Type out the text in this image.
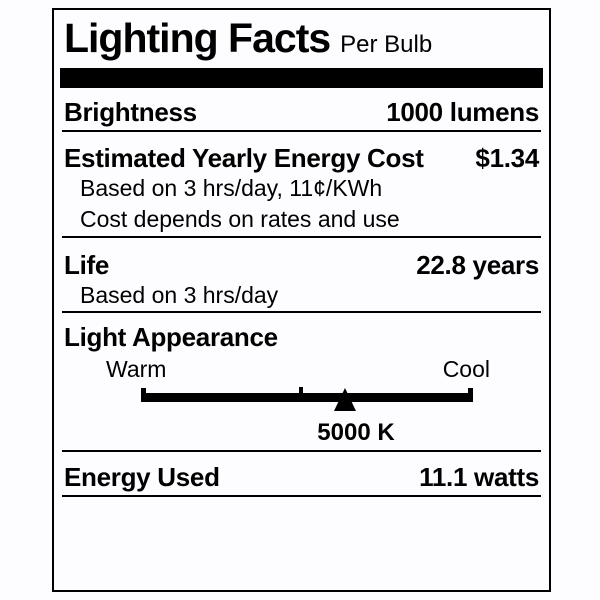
Lighting Facts Per Bulb
Brightness	1000 lumens
Estimated Yearly Energy Cost $1.34
Based on 3 hrs/day, 11¢/KWh
Cost depends on rates and use
Life	22.8 years
Based on 3 hrs/day
Light Appearance
Warm	Cool
5000 K
Energy Used	11.1 watts
